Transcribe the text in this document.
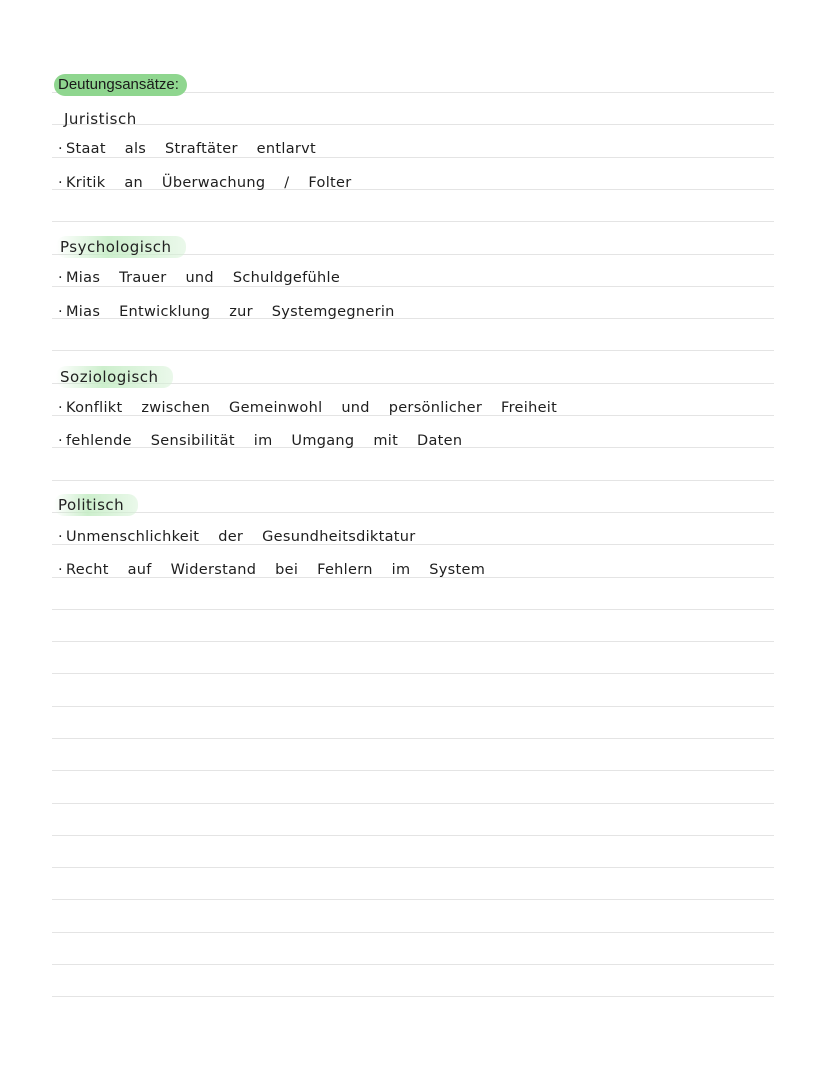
Deutungsansätze:
Juristisch
· Staat als Straftäter entlarvt
· Kritik an Überwachung / Folter
Psychologisch
· Mias Trauer und Schuldgefühle
· Mias Entwicklung zur Systemgegnerin
Soziologisch
· Konflikt zwischen Gemeinwohl und persönlicher Freiheit
· fehlende Sensibilität im Umgang mit Daten
Politisch
· Unmenschlichkeit der Gesundheitsdiktatur
· Recht auf Widerstand bei Fehlern im System
